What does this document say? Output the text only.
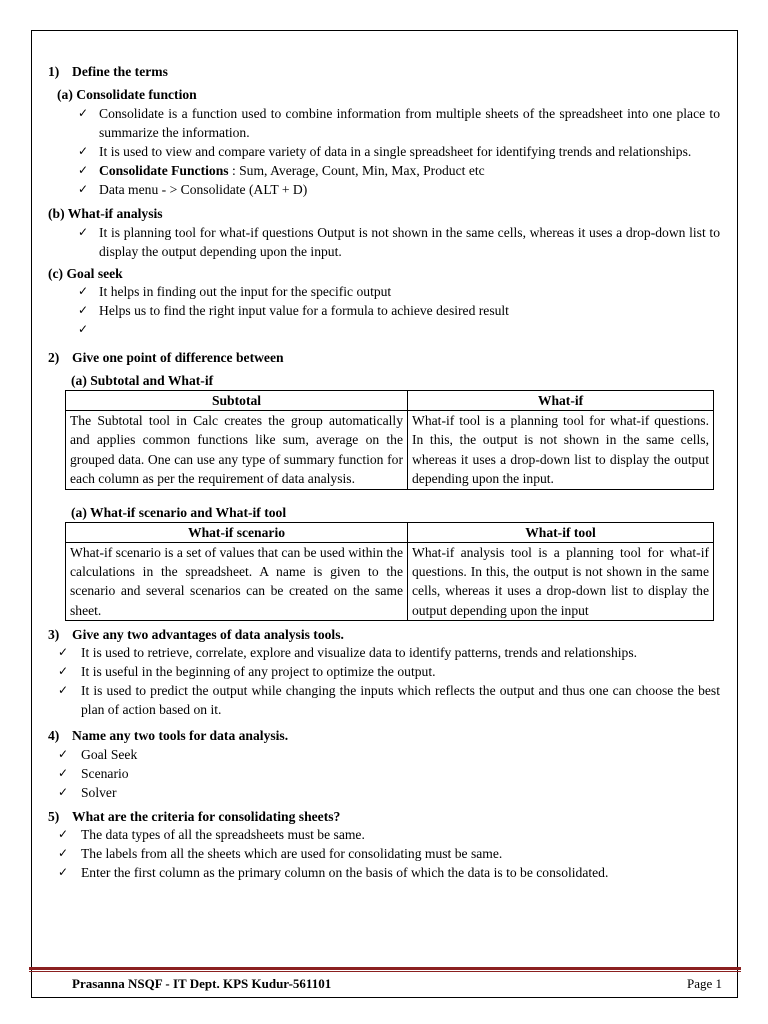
1) Define the terms

(a) Consolidate function

✓ Consolidate is a function used to combine information from multiple sheets of the spreadsheet into one place to summarize the information.
✓ It is used to view and compare variety of data in a single spreadsheet for identifying trends and relationships.
✓ Consolidate Functions : Sum, Average, Count, Min, Max, Product etc
✓ Data menu - > Consolidate (ALT + D)

(b) What-if analysis

✓ It is planning tool for what-if questions Output is not shown in the same cells, whereas it uses a drop-down list to display the output depending upon the input.

(c) Goal seek

✓ It helps in finding out the input for the specific output
✓ Helps us to find the right input value for a formula to achieve desired result
✓

2) Give one point of difference between

(a) Subtotal and What-if

Subtotal	What-if
The Subtotal tool in Calc creates the group automatically and applies common functions like sum, average on the grouped data. One can use any type of summary function for each column as per the requirement of data analysis.	What-if tool is a planning tool for what-if questions. In this, the output is not shown in the same cells, whereas it uses a drop-down list to display the output depending upon the input.

(a) What-if scenario and What-if tool

What-if scenario	What-if tool
What-if scenario is a set of values that can be used within the calculations in the spreadsheet. A name is given to the scenario and several scenarios can be created on the same sheet.	What-if analysis tool is a planning tool for what-if questions. In this, the output is not shown in the same cells, whereas it uses a drop-down list to display the output depending upon the input

3) Give any two advantages of data analysis tools.

✓ It is used to retrieve, correlate, explore and visualize data to identify patterns, trends and relationships.
✓ It is useful in the beginning of any project to optimize the output.
✓ It is used to predict the output while changing the inputs which reflects the output and thus one can choose the best plan of action based on it.

4) Name any two tools for data analysis.

✓ Goal Seek
✓ Scenario
✓ Solver

5) What are the criteria for consolidating sheets?

✓ The data types of all the spreadsheets must be same.
✓ The labels from all the sheets which are used for consolidating must be same.
✓ Enter the first column as the primary column on the basis of which the data is to be consolidated.
Prasanna NSQF - IT Dept. KPS Kudur-561101	Page 1
